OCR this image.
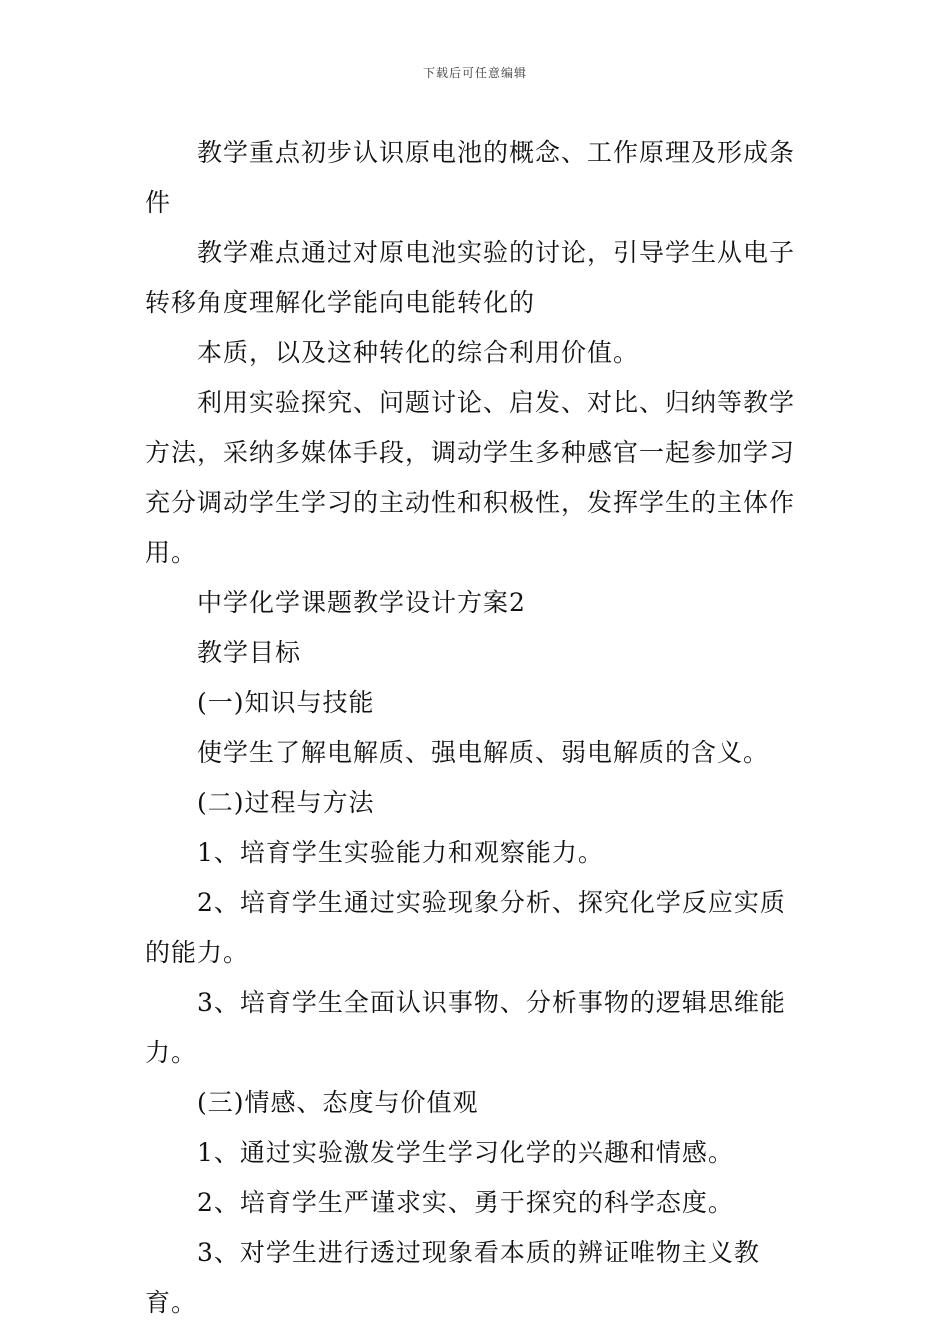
下载后可任意编辑

教学重点初步认识原电池的概念、工作原理及形成条件

教学难点通过对原电池实验的讨论，引导学生从电子转移角度理解化学能向电能转化的

本质，以及这种转化的综合利用价值。

利用实验探究、问题讨论、启发、对比、归纳等教学方法，采纳多媒体手段，调动学生多种感官一起参加学习充分调动学生学习的主动性和积极性，发挥学生的主体作用。

中学化学课题教学设计方案2

教学目标

(一)知识与技能

使学生了解电解质、强电解质、弱电解质的含义。

(二)过程与方法

1、培育学生实验能力和观察能力。

2、培育学生通过实验现象分析、探究化学反应实质的能力。

3、培育学生全面认识事物、分析事物的逻辑思维能力。

(三)情感、态度与价值观

1、通过实验激发学生学习化学的兴趣和情感。

2、培育学生严谨求实、勇于探究的科学态度。

3、对学生进行透过现象看本质的辨证唯物主义教育。
